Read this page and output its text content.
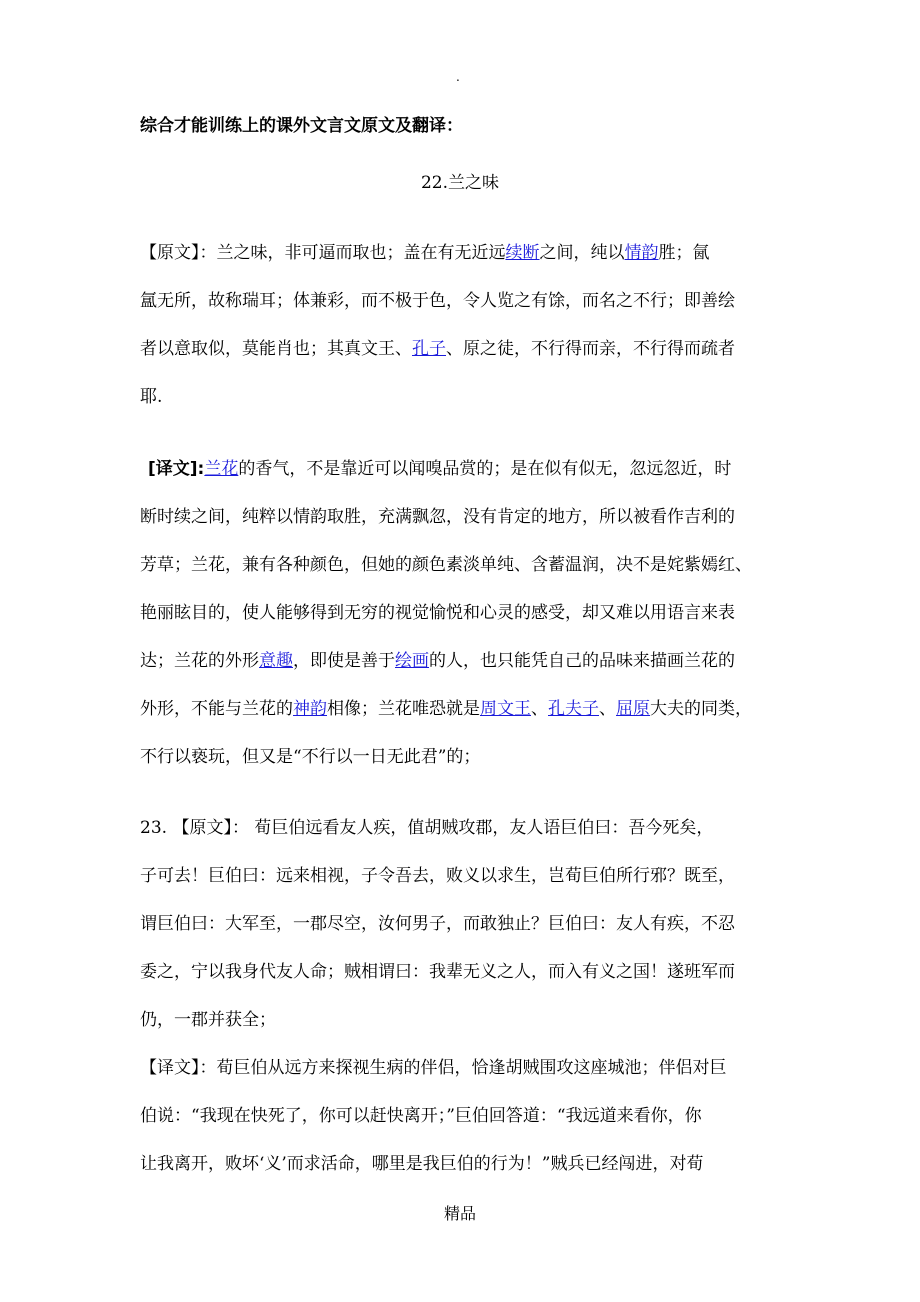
.
综合才能训练上的课外文言文原文及翻译：
22.兰之味
【原文】：兰之味，非可逼而取也；盖在有无近远续断之间，纯以情韵胜；氤
氲无所，故称瑞耳；体兼彩，而不极于色，令人览之有馀，而名之不行；即善绘
者以意取似，莫能肖也；其真文王、孔子、原之徒，不行得而亲，不行得而疏者
耶.
[译文]:兰花的香气，不是靠近可以闻嗅品赏的；是在似有似无，忽远忽近，时
断时续之间，纯粹以情韵取胜，充满飘忽，没有肯定的地方，所以被看作吉利的
芳草；兰花，兼有各种颜色，但她的颜色素淡单纯、含蓄温润，决不是姹紫嫣红、
艳丽眩目的，使人能够得到无穷的视觉愉悦和心灵的感受，却又难以用语言来表
达；兰花的外形意趣，即使是善于绘画的人，也只能凭自己的品味来描画兰花的
外形，不能与兰花的神韵相像；兰花唯恐就是周文王、孔夫子、屈原大夫的同类，
不行以亵玩，但又是“不行以一日无此君”的；
23. 【原文】： 荀巨伯远看友人疾，值胡贼攻郡，友人语巨伯曰：吾今死矣，
子可去！巨伯曰：远来相视，子令吾去，败义以求生，岂荀巨伯所行邪？既至，
谓巨伯曰：大军至，一郡尽空，汝何男子，而敢独止？巨伯曰：友人有疾，不忍
委之，宁以我身代友人命；贼相谓曰：我辈无义之人，而入有义之国！遂班军而
仍，一郡并获全；
【译文】：荀巨伯从远方来探视生病的伴侣，恰逢胡贼围攻这座城池；伴侣对巨
伯说：“我现在快死了，你可以赶快离开；”巨伯回答道：“我远道来看你，你
让我离开，败坏‘义’而求活命，哪里是我巨伯的行为！”贼兵已经闯进，对荀
精品
